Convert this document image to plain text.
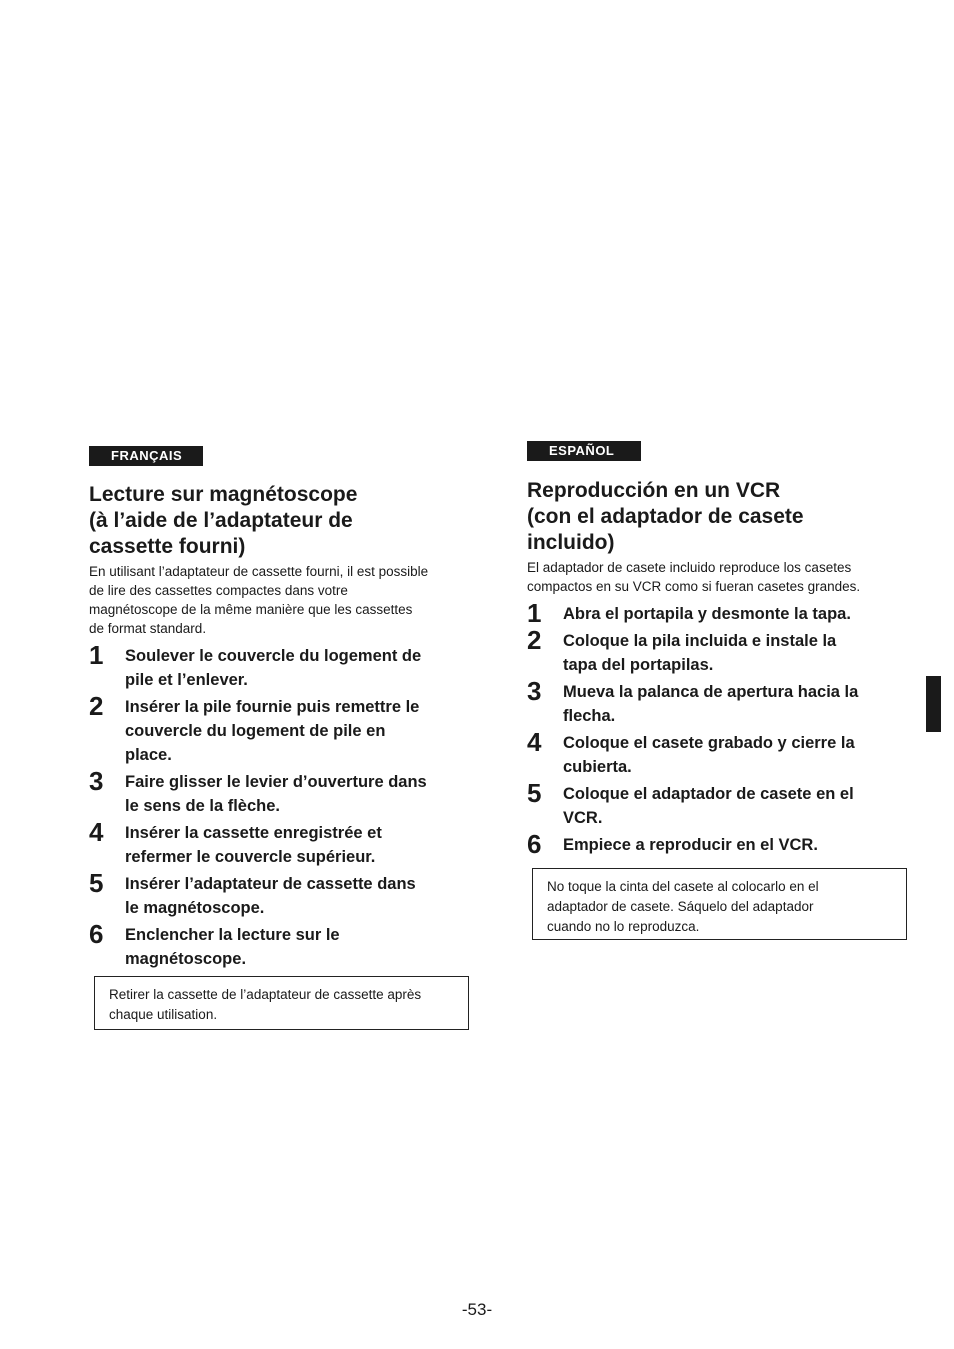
FRANÇAIS
Lecture sur magnétoscope
(à l’aide de l’adaptateur de
cassette fourni)
En utilisant l’adaptateur de cassette fourni, il est possible
de lire des cassettes compactes dans votre
magnétoscope de la même manière que les cassettes
de format standard.
1 Soulever le couvercle du logement de
pile et l’enlever.
2 Insérer la pile fournie puis remettre le
couvercle du logement de pile en
place.
3 Faire glisser le levier d’ouverture dans
le sens de la flèche.
4 Insérer la cassette enregistrée et
refermer le couvercle supérieur.
5 Insérer l’adaptateur de cassette dans
le magnétoscope.
6 Enclencher la lecture sur le
magnétoscope.
Retirer la cassette de l’adaptateur de cassette après
chaque utilisation.
ESPAÑOL
Reproducción en un VCR
(con el adaptador de casete
incluido)
El adaptador de casete incluido reproduce los casetes
compactos en su VCR como si fueran casetes grandes.
1 Abra el portapila y desmonte la tapa.
2 Coloque la pila incluida e instale la
tapa del portapilas.
3 Mueva la palanca de apertura hacia la
flecha.
4 Coloque el casete grabado y cierre la
cubierta.
5 Coloque el adaptador de casete en el
VCR.
6 Empiece a reproducir en el VCR.
No toque la cinta del casete al colocarlo en el
adaptador de casete. Sáquelo del adaptador
cuando no lo reproduzca.
-53-
